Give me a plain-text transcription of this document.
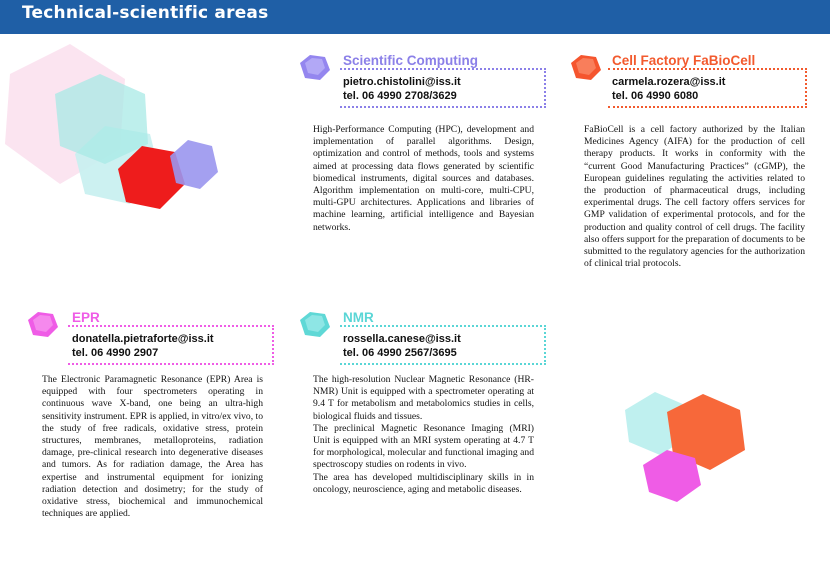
Technical-scientific areas
Scientific Computing
pietro.chistolini@iss.it
tel. 06 4990 2708/3629

High-Performance Computing (HPC), development and implementation of parallel algorithms. Design, optimization and control of methods, tools and systems aimed at processing data flows generated by scientific biomedical instruments, digital sources and databases. Algorithm implementation on multi-core, multi-CPU, multi-GPU architectures. Applications and libraries of machine learning, artificial intelligence and Bayesian networks.

Cell Factory FaBioCell
carmela.rozera@iss.it
tel. 06 4990 6080

FaBioCell is a cell factory authorized by the Italian Medicines Agency (AIFA) for the production of cell therapy products. It works in conformity with the “current Good Manufacturing Practices” (cGMP), the European guidelines regulating the activities related to the production of pharmaceutical drugs, including experimental drugs. The cell factory offers services for GMP validation of experimental protocols, and for the production and quality control of cell drugs. The facility also offers support for the preparation of documents to be submitted to the regulatory agencies for the authorization of clinical trial protocols.

EPR
donatella.pietraforte@iss.it
tel. 06 4990 2907

The Electronic Paramagnetic Resonance (EPR) Area is equipped with four spectrometers operating in continuous wave X-band, one being an ultra-high sensitivity instrument. EPR is applied, in vitro/ex vivo, to the study of free radicals, oxidative stress, protein structures, membranes, metalloproteins, radiation damage, pre-clinical research into degenerative diseases and tumors. As for radiation damage, the Area has expertise and instrumental equipment for ionizing radiation detection and dosimetry; for the study of oxidative stress, biochemical and immunochemical techniques are applied.

NMR
rossella.canese@iss.it
tel. 06 4990 2567/3695

The high-resolution Nuclear Magnetic Resonance (HR-NMR) Unit is equipped with a spectrometer operating at 9.4 T for metabolism and metabolomics studies in cells, biological fluids and tissues.

The preclinical Magnetic Resonance Imaging (MRI) Unit is equipped with an MRI system operating at 4.7 T for morphological, molecular and functional imaging and spectroscopy studies on rodents in vivo.

The area has developed multidisciplinary skills in in oncology, neuroscience, aging and metabolic diseases.
